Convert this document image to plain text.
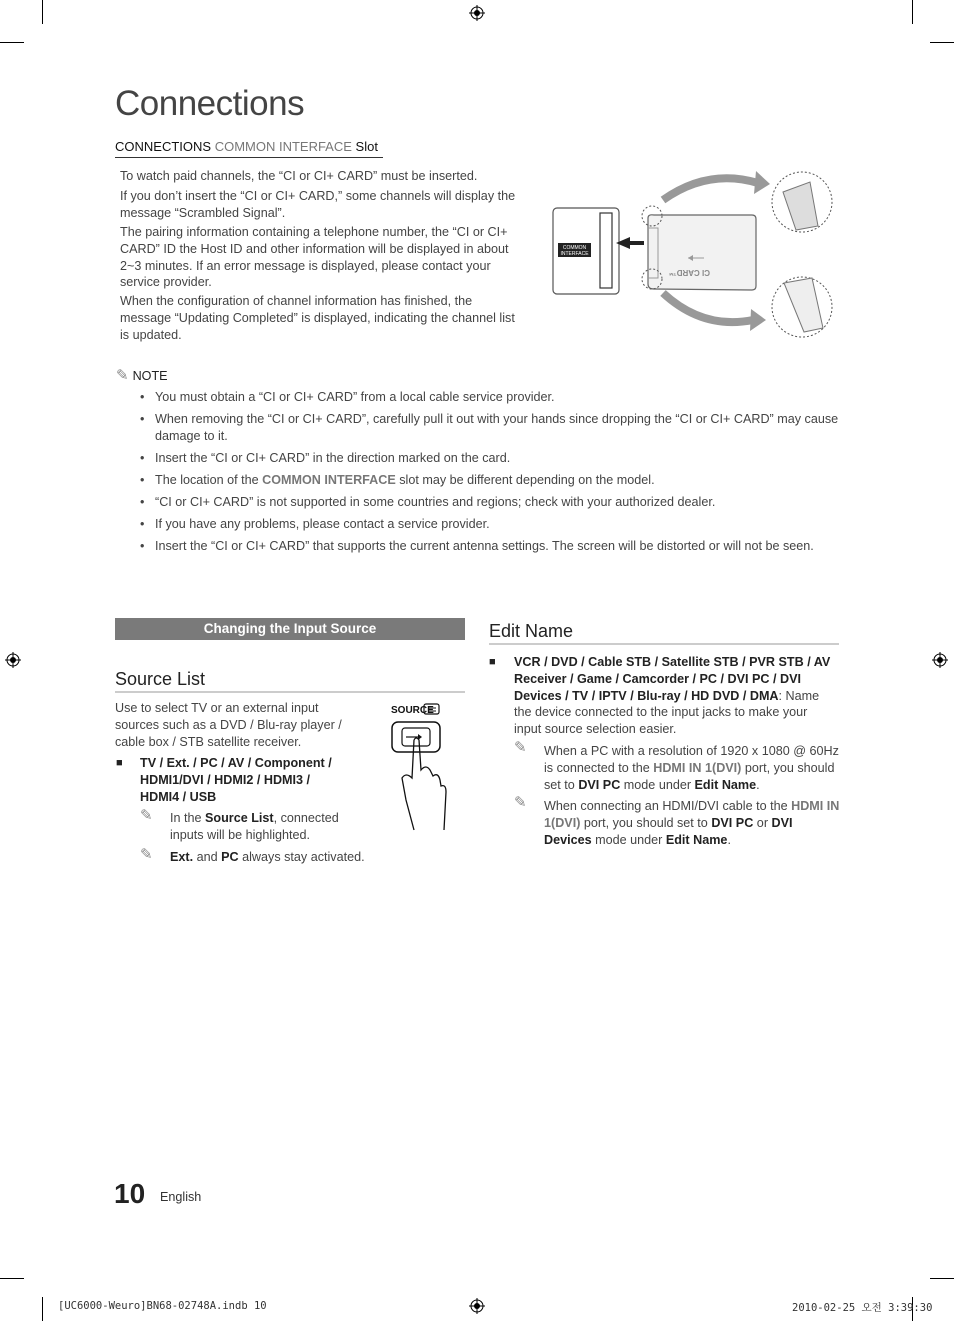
Connections
CONNECTIONS COMMON INTERFACE Slot
To watch paid channels, the “CI or CI+ CARD” must be inserted.
If you don’t insert the “CI or CI+ CARD,” some channels will display the message “Scrambled Signal”.
The pairing information containing a telephone number, the “CI or CI+ CARD” ID the Host ID and other information will be displayed in about 2~3 minutes. If an error message is displayed, please contact your service provider.
When the configuration of channel information has finished, the message “Updating Completed” is displayed, indicating the channel list is updated.
COMMON
INTERFACE
CI CARD™
✎ NOTE
• You must obtain a “CI or CI+ CARD” from a local cable service provider.
• When removing the “CI or CI+ CARD”, carefully pull it out with your hands since dropping the “CI or CI+ CARD” may cause damage to it.
• Insert the “CI or CI+ CARD” in the direction marked on the card.
• The location of the COMMON INTERFACE slot may be different depending on the model.
• “CI or CI+ CARD” is not supported in some countries and regions; check with your authorized dealer.
• If you have any problems, please contact a service provider.
• Insert the “CI or CI+ CARD” that supports the current antenna settings. The screen will be distorted or will not be seen.
Changing the Input Source
Source List
Use to select TV or an external input sources such as a DVD / Blu-ray player / cable box / STB satellite receiver.
■ TV / Ext. / PC / AV / Component / HDMI1/DVI / HDMI2 / HDMI3 / HDMI4 / USB
✎ In the Source List, connected inputs will be highlighted.
✎ Ext. and PC always stay activated.
SOURCE
Edit Name
■ VCR / DVD / Cable STB / Satellite STB / PVR STB / AV Receiver / Game / Camcorder / PC / DVI PC / DVI Devices / TV / IPTV / Blu-ray / HD DVD / DMA: Name the device connected to the input jacks to make your input source selection easier.
✎ When a PC with a resolution of 1920 x 1080 @ 60Hz is connected to the HDMI IN 1(DVI) port, you should set to DVI PC mode under Edit Name.
✎ When connecting an HDMI/DVI cable to the HDMI IN 1(DVI) port, you should set to DVI PC or DVI Devices mode under Edit Name.
10 English
[UC6000-Weuro]BN68-02748A.indb 10	2010-02-25 오전 3:39:30
